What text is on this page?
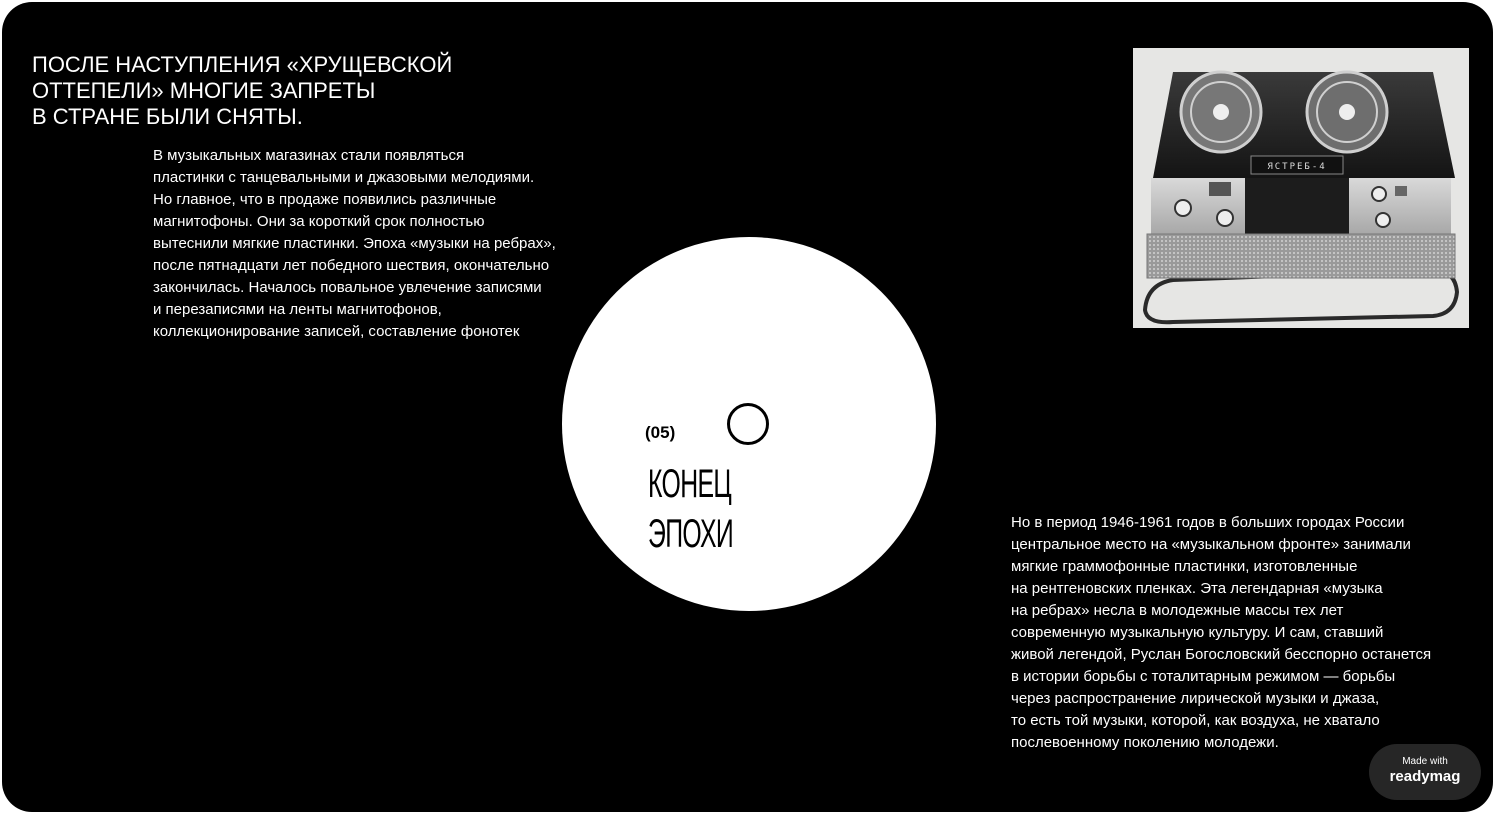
ПОСЛЕ НАСТУПЛЕНИЯ «ХРУЩЕВСКОЙ
ОТТЕПЕЛИ» МНОГИЕ ЗАПРЕТЫ
В СТРАНЕ БЫЛИ СНЯТЫ.

В музыкальных магазинах стали появляться
пластинки с танцевальными и джазовыми мелодиями.
Но главное, что в продаже появились различные
магнитофоны. Они за короткий срок полностью
вытеснили мягкие пластинки. Эпоха «музыки на ребрах»,
после пятнадцати лет победного шествия, окончательно
закончилась. Началось повальное увлечение записями
и перезаписями на ленты магнитофонов,
коллекционирование записей, составление фонотек

(05)
КОНЕЦ
ЭПОХИ
ЯСТРЕБ-4

Но в период 1946-1961 годов в больших городах России
центральное место на «музыкальном фронте» занимали
мягкие граммофонные пластинки, изготовленные
на рентгеновских пленках. Эта легендарная «музыка
на ребрах» несла в молодежные массы тех лет
современную музыкальную культуру. И сам, ставший
живой легендой, Руслан Богословский бесспорно останется
в истории борьбы с тоталитарным режимом — борьбы
через распространение лирической музыки и джаза,
то есть той музыки, которой, как воздуха, не хватало
послевоенному поколению молодежи.

Made with
readymag
